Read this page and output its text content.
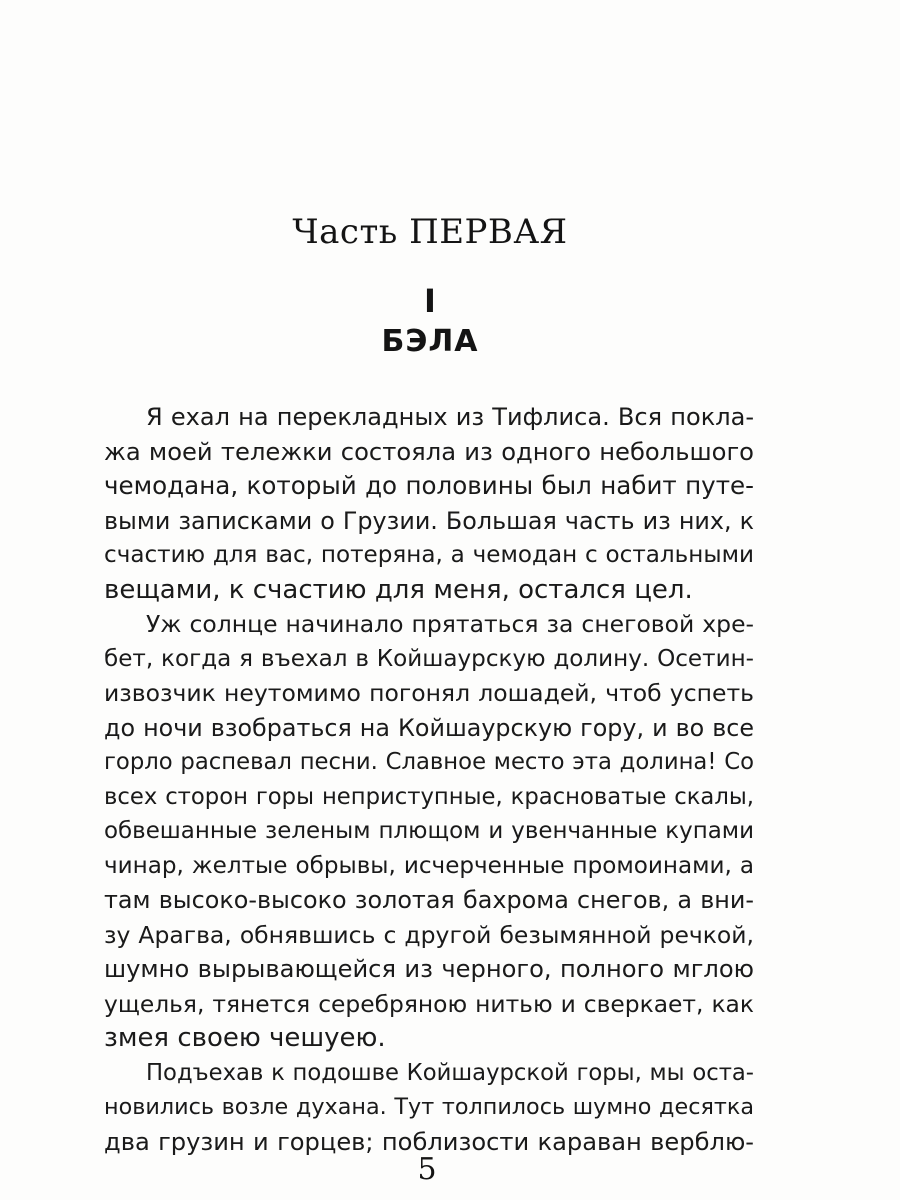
Часть ПЕРВАЯ
I
БЭЛА
Я ехал на перекладных из Тифлиса. Вся покла-
жа моей тележки состояла из одного небольшого
чемодана, который до половины был набит путе-
выми записками о Грузии. Большая часть из них, к
счастию для вас, потеряна, а чемодан с остальными
вещами, к счастию для меня, остался цел.
Уж солнце начинало прятаться за снеговой хре-
бет, когда я въехал в Койшаурскую долину. Осетин-
извозчик неутомимо погонял лошадей, чтоб успеть
до ночи взобраться на Койшаурскую гору, и во все
горло распевал песни. Славное место эта долина! Со
всех сторон горы неприступные, красноватые скалы,
обвешанные зеленым плющом и увенчанные купами
чинар, желтые обрывы, исчерченные промоинами, а
там высоко-высоко золотая бахрома снегов, а вни-
зу Арагва, обнявшись с другой безымянной речкой,
шумно вырывающейся из черного, полного мглою
ущелья, тянется серебряною нитью и сверкает, как
змея своею чешуею.
Подъехав к подошве Койшаурской горы, мы оста-
новились возле духана. Тут толпилось шумно десятка
два грузин и горцев; поблизости караван верблю-
5
